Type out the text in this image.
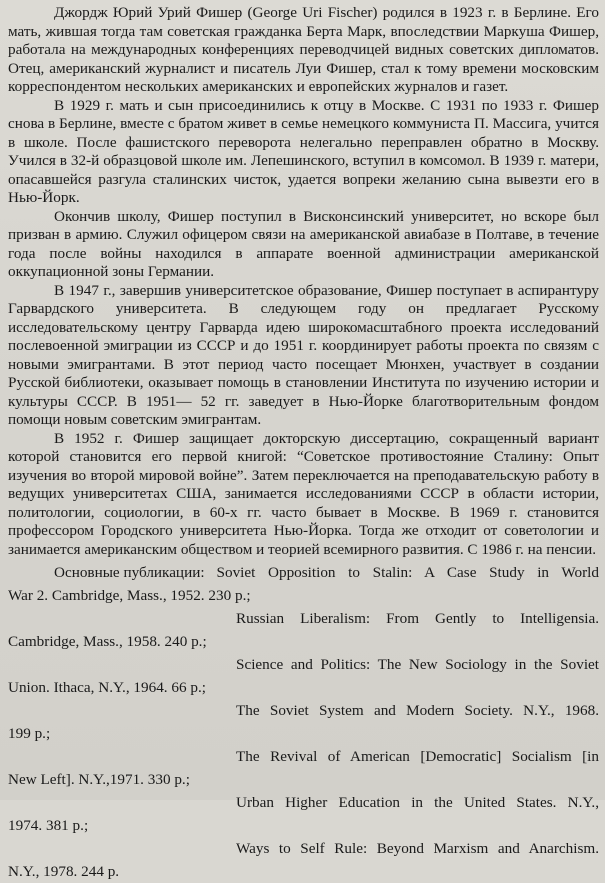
Джордж Юрий Урий Фишер (George Uri Fischer) родился в 1923 г. в Берлине. Его мать, жившая тогда там советская гражданка Берта Марк, впоследствии Маркуша Фишер, работала на международных конференциях переводчицей видных советских дипломатов. Отец, американский журналист и писатель Луи Фишер, стал к тому времени московским корреспондентом нескольких американских и европейских журналов и газет.

В 1929 г. мать и сын присоединились к отцу в Москве. С 1931 по 1933 г. Фишер снова в Берлине, вместе с братом живет в семье немецкого коммуниста П. Массига, учится в школе. После фашистского переворота нелегально переправлен обратно в Москву. Учился в 32-й образцовой школе им. Лепешинского, вступил в комсомол. В 1939 г. матери, опасавшейся разгула сталинских чисток, удается вопреки желанию сына вывезти его в Нью-Йорк.

Окончив школу, Фишер поступил в Висконсинский университет, но вскоре был призван в армию. Служил офицером связи на американской авиабазе в Полтаве, в течение года после войны находился в аппарате военной администрации американской оккупационной зоны Германии.

В 1947 г., завершив университетское образование, Фишер поступает в аспирантуру Гарвардского университета. В следующем году он предлагает Русскому исследовательскому центру Гарварда идею широкомасштабного проекта исследований послевоенной эмиграции из СССР и до 1951 г. координирует работы проекта по связям с новыми эмигрантами. В этот период часто посещает Мюнхен, участвует в создании Русской библиотеки, оказывает помощь в становлении Института по изучению истории и культуры СССР. В 1951— 52 гг. заведует в Нью-Йорке благотворительным фондом помощи новым советским эмигрантам.

В 1952 г. Фишер защищает докторскую диссертацию, сокращенный вариант которой становится его первой книгой: “Советское противостояние Сталину: Опыт изучения во второй мировой войне”. Затем переключается на преподавательскую работу в ведущих университетах США, занимается исследованиями СССР в области истории, политологии, социологии, в 60-х гг. часто бывает в Москве. В 1969 г. становится профессором Городского университета Нью-Йорка. Тогда же отходит от советологии и занимается американским обществом и теорией всемирного развития. С 1986 г. на пенсии.

Основные публикации: Soviet Opposition to Stalin: A Case Study in World
War 2. Cambridge, Mass., 1952. 230 p.;
Russian Liberalism: From Gently to Intelligensia.
Cambridge, Mass., 1958. 240 p.;
Science and Politics: The New Sociology in the Soviet
Union. Ithaca, N.Y., 1964. 66 p.;
The Soviet System and Modern Society. N.Y., 1968.
199 p.;
The Revival of American [Democratic] Socialism [in
New Left]. N.Y.,1971. 330 p.;
Urban Higher Education in the United States. N.Y.,
1974. 381 p.;
Ways to Self Rule: Beyond Marxism and Anarchism.
N.Y., 1978. 244 p.
